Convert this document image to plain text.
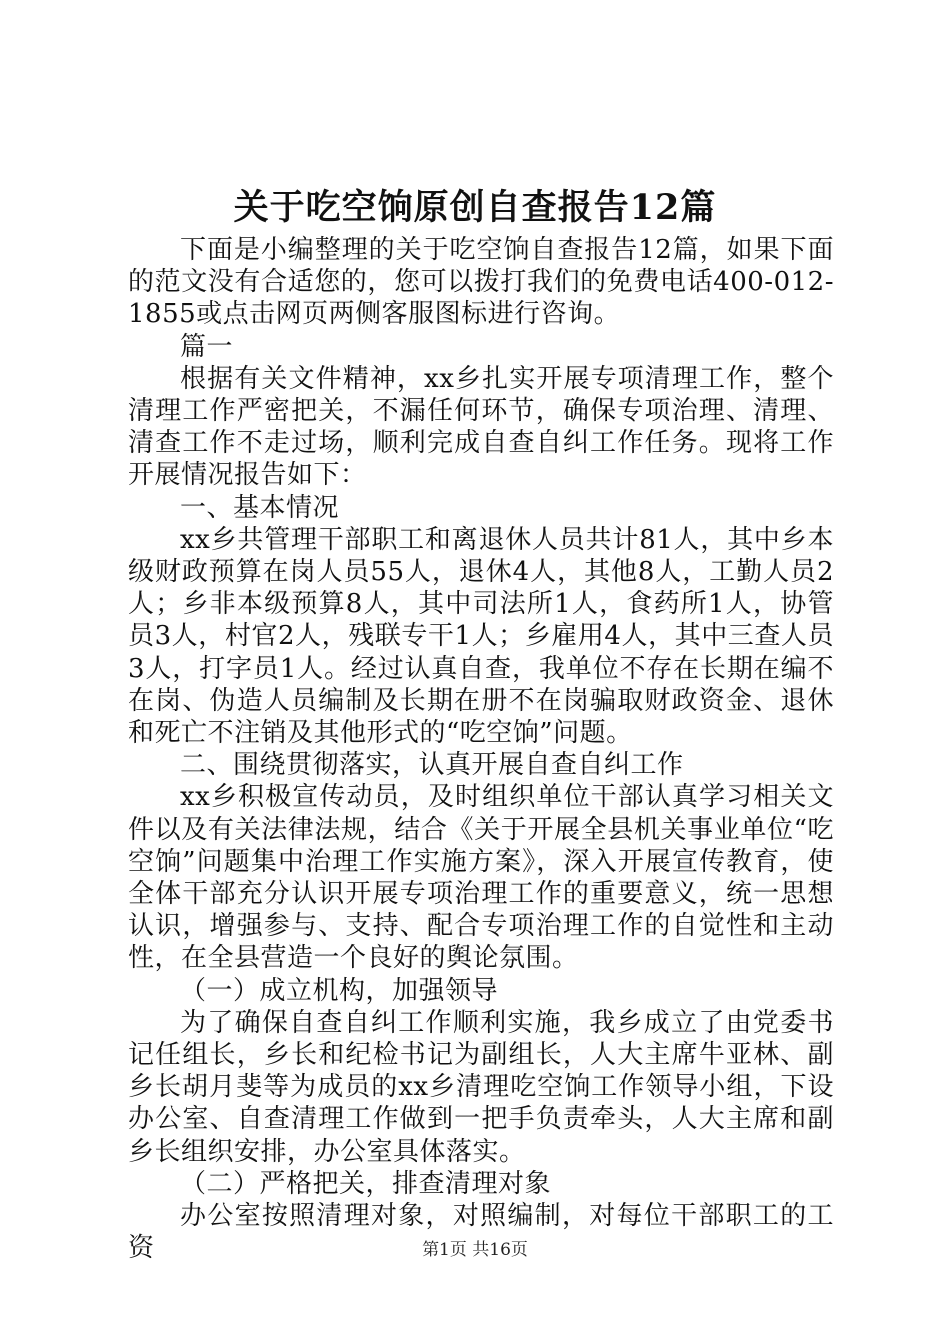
关于吃空饷原创自查报告12篇

下面是小编整理的关于吃空饷自查报告12篇，如果下面的范文没有合适您的，您可以拨打我们的免费电话400-012-1855或点击网页两侧客服图标进行咨询。

篇一

根据有关文件精神，xx乡扎实开展专项清理工作，整个清理工作严密把关，不漏任何环节，确保专项治理、清理、清查工作不走过场，顺利完成自查自纠工作任务。现将工作开展情况报告如下：

一、基本情况

xx乡共管理干部职工和离退休人员共计81人，其中乡本级财政预算在岗人员55人，退休4人，其他8人，工勤人员2人；乡非本级预算8人，其中司法所1人，食药所1人，协管员3人，村官2人，残联专干1人；乡雇用4人，其中三查人员3人，打字员1人。经过认真自查，我单位不存在长期在编不在岗、伪造人员编制及长期在册不在岗骗取财政资金、退休和死亡不注销及其他形式的“吃空饷”问题。

二、围绕贯彻落实，认真开展自查自纠工作

xx乡积极宣传动员，及时组织单位干部认真学习相关文件以及有关法律法规，结合《关于开展全县机关事业单位“吃空饷”问题集中治理工作实施方案》，深入开展宣传教育，使全体干部充分认识开展专项治理工作的重要意义，统一思想认识，增强参与、支持、配合专项治理工作的自觉性和主动性，在全县营造一个良好的舆论氛围。

（一）成立机构，加强领导

为了确保自查自纠工作顺利实施，我乡成立了由党委书记任组长，乡长和纪检书记为副组长，人大主席牛亚林、副乡长胡月斐等为成员的xx乡清理吃空饷工作领导小组，下设办公室、自查清理工作做到一把手负责牵头，人大主席和副乡长组织安排，办公室具体落实。

（二）严格把关，排查清理对象

办公室按照清理对象，对照编制，对每位干部职工的工资	第1页 共16页
